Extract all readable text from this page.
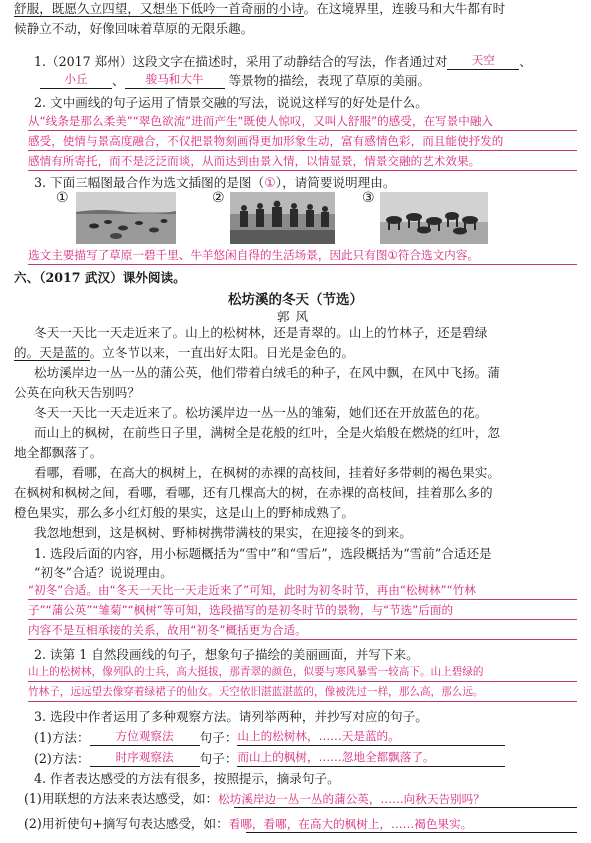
舒服，既愿久立四望，又想坐下低吟一首奇丽的小诗。在这境界里，连骏马和大牛都有时
候静立不动，好像回味着草原的无限乐趣。
1.（2017 郑州）这段文字在描述时，采用了动静结合的写法，作者通过对 天空 、
小丘 、 骏马和大牛 等景物的描绘，表现了草原的美丽。
2. 文中画线的句子运用了情景交融的写法，说说这样写的好处是什么。
从“线条是那么柔美”“翠色欲流”进而产生“既使人惊叹，又叫人舒服”的感受，在写景中融入
感受，使情与景高度融合，不仅把景物刻画得更加形象生动，富有感情色彩，而且能使抒发的
感情有所寄托，而不是泛泛而谈，从而达到由景入情，以情显景，情景交融的艺术效果。
3. 下面三幅图最合作为选文插图的是图（①），请简要说明理由。
①	②	③
选文主要描写了草原一碧千里、牛羊悠闲自得的生活场景，因此只有图①符合选文内容。
六、（2017 武汉）课外阅读。
松坊溪的冬天（节选）
郭风
冬天一天比一天走近来了。山上的松树林，还是青翠的。山上的竹林子，还是碧绿
的。天是蓝的。立冬节以来，一直出好太阳。日光是金色的。
松坊溪岸边一丛一丛的蒲公英，他们带着白绒毛的种子，在风中飘，在风中飞扬。蒲
公英在向秋天告别吗？
冬天一天比一天走近来了。松坊溪岸边一丛一丛的雏菊，她们还在开放蓝色的花。
而山上的枫树，在前些日子里，满树全是花般的红叶，全是火焰般在燃烧的红叶，忽
地全都飘落了。
看哪，看哪，在高大的枫树上，在枫树的赤裸的高枝间，挂着好多带刺的褐色果实。
在枫树和枫树之间，看哪，看哪，还有几棵高大的树，在赤裸的高枝间，挂着那么多的
橙色果实，那么多小红灯般的果实，这是山上的野柿成熟了。
我忽地想到，这是枫树、野柿树携带满枝的果实，在迎接冬的到来。
1. 选段后面的内容，用小标题概括为“雪中”和“雪后”，选段概括为“雪前”合适还是
“初冬”合适？说说理由。
“初冬”合适。由“冬天一天比一天走近来了”可知，此时为初冬时节，再由“松树林”“竹林
子”“蒲公英”“雏菊”“枫树”等可知，选段描写的是初冬时节的景物，与“节选”后面的
内容不是互相承接的关系，故用“初冬”概括更为合适。
2. 读第 1 自然段画线的句子，想象句子描绘的美丽画面，并写下来。
山上的松树林，像列队的士兵，高大挺拔，那青翠的颜色，似要与寒风暴雪一较高下。山上碧绿的
竹林子，远远望去像穿着绿裙子的仙女。天空依旧湛蓝湛蓝的，像被洗过一样，那么高，那么远。
3. 选段中作者运用了多种观察方法。请列举两种，并抄写对应的句子。
(1)方法： 方位观察法 句子：山上的松树林，……天是蓝的。
(2)方法： 时序观察法 句子：而山上的枫树，……忽地全都飘落了。
4. 作者表达感受的方法有很多，按照提示，摘录句子。
(1)用联想的方法来表达感受，如：松坊溪岸边一丛一丛的蒲公英，……向秋天告别吗？
(2)用祈使句+摘写句表达感受，如：看哪，看哪，在高大的枫树上，……褐色果实。
